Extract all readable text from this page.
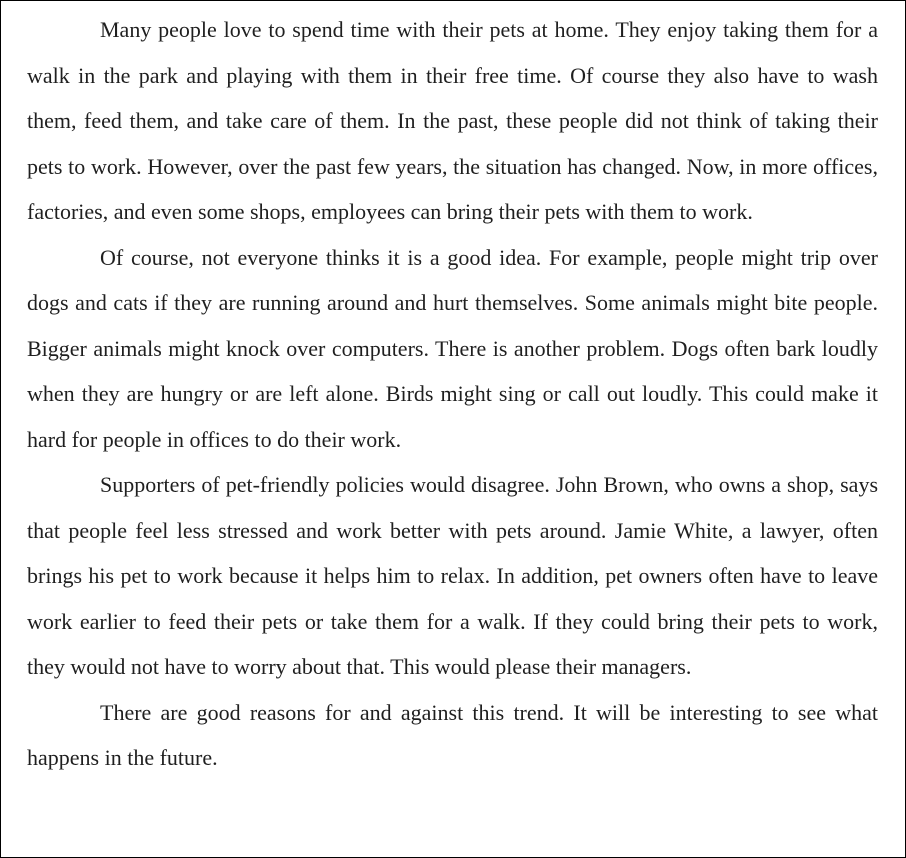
Many people love to spend time with their pets at home. They enjoy taking them for a walk in the park and playing with them in their free time. Of course they also have to wash them, feed them, and take care of them. In the past, these people did not think of taking their pets to work. However, over the past few years, the situation has changed. Now, in more offices, factories, and even some shops, employees can bring their pets with them to work.

Of course, not everyone thinks it is a good idea. For example, people might trip over dogs and cats if they are running around and hurt themselves. Some animals might bite people. Bigger animals might knock over computers. There is another problem. Dogs often bark loudly when they are hungry or are left alone. Birds might sing or call out loudly. This could make it hard for people in offices to do their work.

Supporters of pet-friendly policies would disagree. John Brown, who owns a shop, says that people feel less stressed and work better with pets around. Jamie White, a lawyer, often brings his pet to work because it helps him to relax. In addition, pet owners often have to leave work earlier to feed their pets or take them for a walk. If they could bring their pets to work, they would not have to worry about that. This would please their managers.

There are good reasons for and against this trend. It will be interesting to see what happens in the future.
